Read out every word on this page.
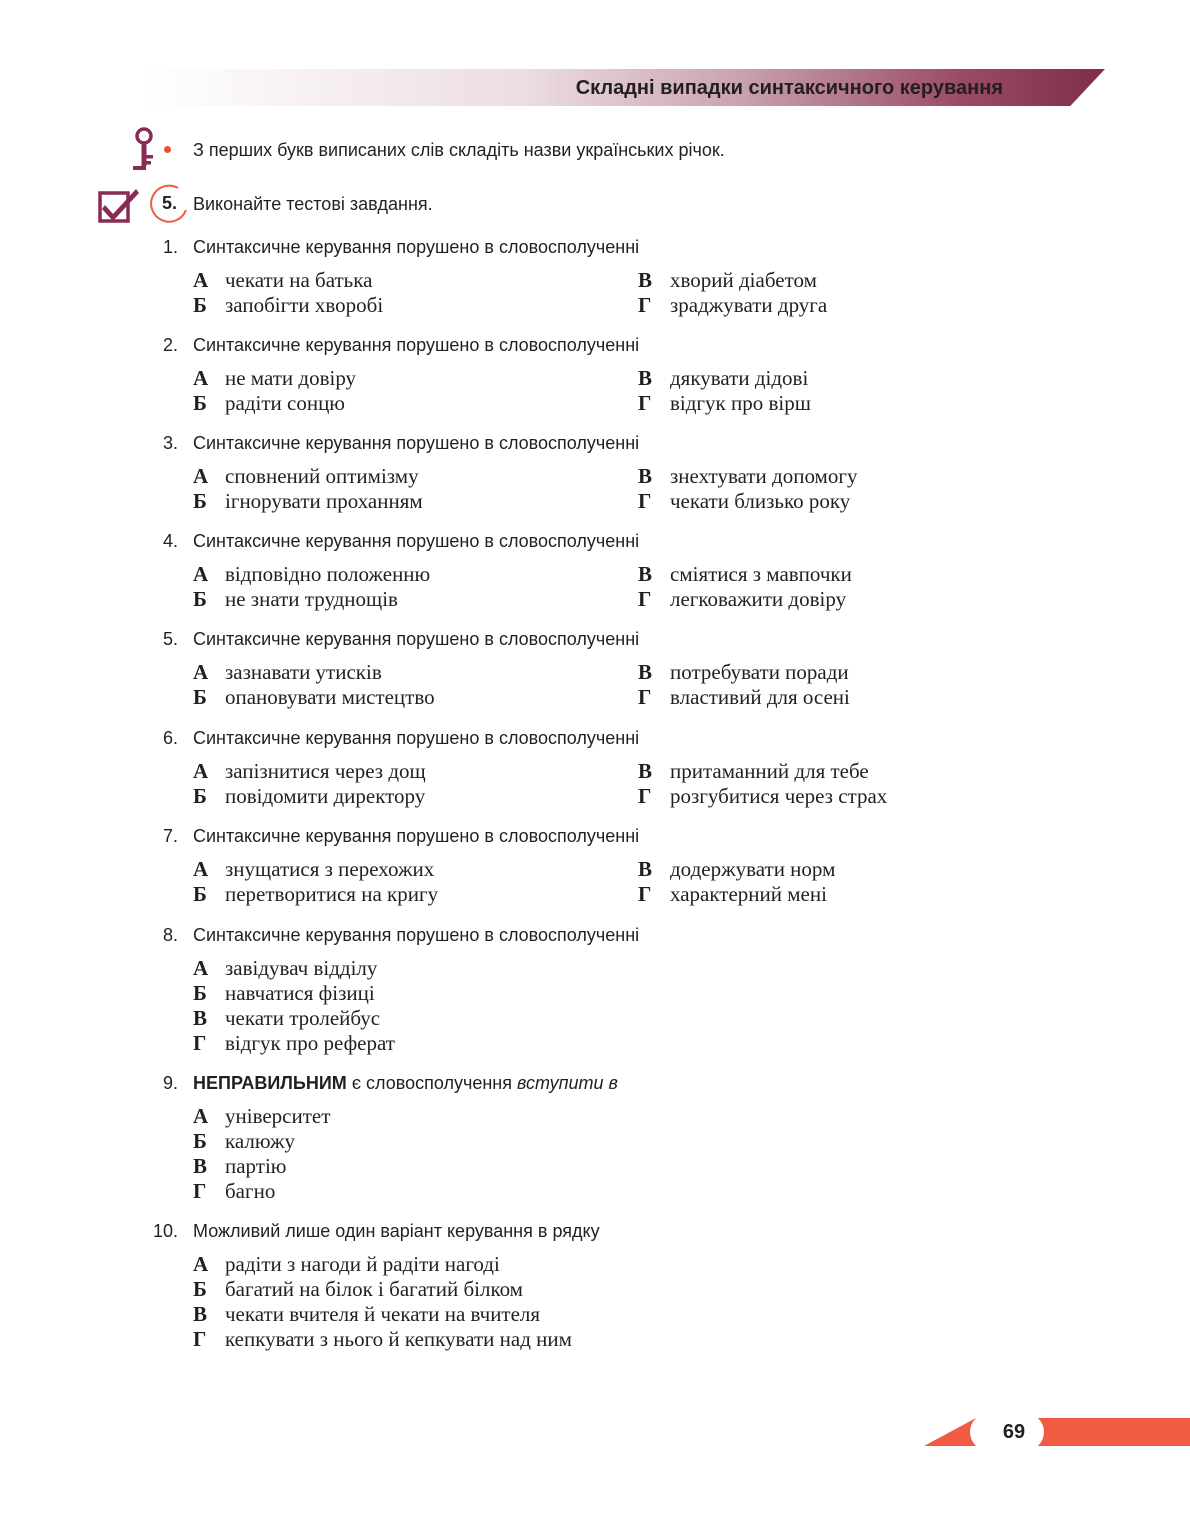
Складні випадки синтаксичного керування
З перших букв виписаних слів складіть назви українських річок.
5. Виконайте тестові завдання.
1. Синтаксичне керування порушено в словосполученні
А чекати на батька
Б запобігти хворобі
В хворий діабетом
Г зраджувати друга
2. Синтаксичне керування порушено в словосполученні
А не мати довіру
Б радіти сонцю
В дякувати дідові
Г відгук про вірш
3. Синтаксичне керування порушено в словосполученні
А сповнений оптимізму
Б ігнорувати проханням
В знехтувати допомогу
Г чекати близько року
4. Синтаксичне керування порушено в словосполученні
А відповідно положенню
Б не знати труднощів
В сміятися з мавпочки
Г легковажити довіру
5. Синтаксичне керування порушено в словосполученні
А зазнавати утисків
Б опановувати мистецтво
В потребувати поради
Г властивий для осені
6. Синтаксичне керування порушено в словосполученні
А запізнитися через дощ
Б повідомити директору
В притаманний для тебе
Г розгубитися через страх
7. Синтаксичне керування порушено в словосполученні
А знущатися з перехожих
Б перетворитися на кригу
В додержувати норм
Г характерний мені
8. Синтаксичне керування порушено в словосполученні
А завідувач відділу
Б навчатися фізиці
В чекати тролейбус
Г відгук про реферат
9. НЕПРАВИЛЬНИМ є словосполучення вступити в
А університет
Б калюжу
В партію
Г багно
10. Можливий лише один варіант керування в рядку
А радіти з нагоди й радіти нагоді
Б багатий на білок і багатий білком
В чекати вчителя й чекати на вчителя
Г кепкувати з нього й кепкувати над ним
69
